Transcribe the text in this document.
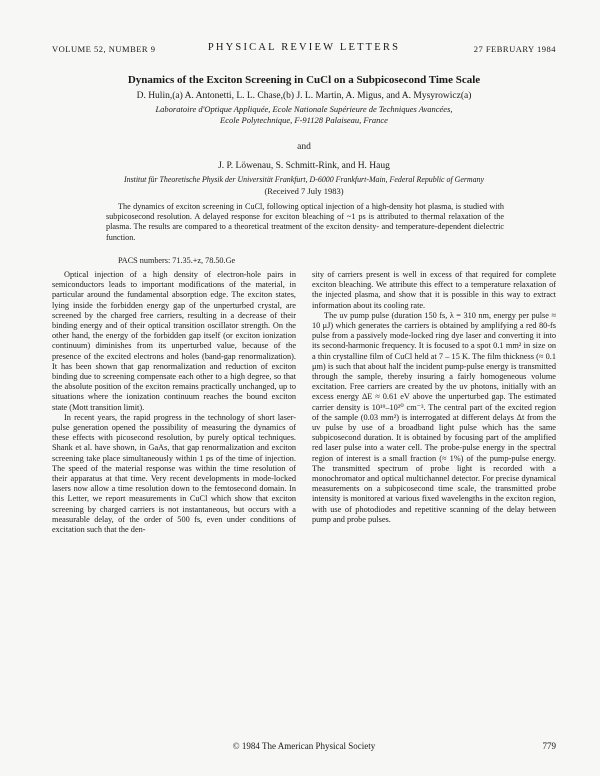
VOLUME 52, NUMBER 9	PHYSICAL REVIEW LETTERS	27 FEBRUARY 1984
Dynamics of the Exciton Screening in CuCl on a Subpicosecond Time Scale
D. Hulin,(a) A. Antonetti, L. L. Chase,(b) J. L. Martin, A. Migus, and A. Mysyrowicz(a)
Laboratoire d'Optique Appliquée, Ecole Nationale Supérieure de Techniques Avancées,
Ecole Polytechnique, F-91128 Palaiseau, France
and
J. P. Löwenau, S. Schmitt-Rink, and H. Haug
Institut für Theoretische Physik der Universität Frankfurt, D-6000 Frankfurt-Main, Federal Republic of Germany
(Received 7 July 1983)

The dynamics of exciton screening in CuCl, following optical injection of a high-density hot plasma, is studied with subpicosecond resolution. A delayed response for exciton bleaching of ~1 ps is attributed to thermal relaxation of the plasma. The results are compared to a theoretical treatment of the exciton density- and temperature-dependent dielectric function.

PACS numbers: 71.35.+z, 78.50.Ge

Optical injection of a high density of electron-hole pairs in semiconductors leads to important modifications of the material, in particular around the fundamental absorption edge. The exciton states, lying inside the forbidden energy gap of the unperturbed crystal, are screened by the charged free carriers, resulting in a decrease of their binding energy and of their optical transition oscillator strength. On the other hand, the energy of the forbidden gap itself (or exciton ionization continuum) diminishes from its unperturbed value, because of the presence of the excited electrons and holes (band-gap renormalization). It has been shown that gap renormalization and reduction of exciton binding due to screening compensate each other to a high degree, so that the absolute position of the exciton remains practically unchanged, up to situations where the ionization continuum reaches the bound exciton state (Mott transition limit).

In recent years, the rapid progress in the technology of short laser-pulse generation opened the possibility of measuring the dynamics of these effects with picosecond resolution, by purely optical techniques. Shank et al. have shown, in GaAs, that gap renormalization and exciton screening take place simultaneously within 1 ps of the time of injection. The speed of the material response was within the time resolution of their apparatus at that time. Very recent developments in mode-locked lasers now allow a time resolution down to the femtosecond domain. In this Letter, we report measurements in CuCl which show that exciton screening by charged carriers is not instantaneous, but occurs with a measurable delay, of the order of 500 fs, even under conditions of excitation such that the den-

sity of carriers present is well in excess of that required for complete exciton bleaching. We attribute this effect to a temperature relaxation of the injected plasma, and show that it is possible in this way to extract information about its cooling rate.

The uv pump pulse (duration 150 fs, λ = 310 nm, energy per pulse ≈ 10 μJ) which generates the carriers is obtained by amplifying a red 80-fs pulse from a passively mode-locked ring dye laser and converting it into its second-harmonic frequency. It is focused to a spot 0.1 mm² in size on a thin crystalline film of CuCl held at 7 – 15 K. The film thickness (≈ 0.1 μm) is such that about half the incident pump-pulse energy is transmitted through the sample, thereby insuring a fairly homogeneous volume excitation. Free carriers are created by the uv photons, initially with an excess energy ΔE ≈ 0.61 eV above the unperturbed gap. The estimated carrier density is 10¹⁹–10²⁰ cm⁻³. The central part of the excited region of the sample (0.03 mm²) is interrogated at different delays Δt from the uv pulse by use of a broadband light pulse which has the same subpicosecond duration. It is obtained by focusing part of the amplified red laser pulse into a water cell. The probe-pulse energy in the spectral region of interest is a small fraction (≈ 1%) of the pump-pulse energy. The transmitted spectrum of probe light is recorded with a monochromator and optical multichannel detector. For precise dynamical measurements on a subpicosecond time scale, the transmitted probe intensity is monitored at various fixed wavelengths in the exciton region, with use of photodiodes and repetitive scanning of the delay between pump and probe pulses.

© 1984 The American Physical Society	779
